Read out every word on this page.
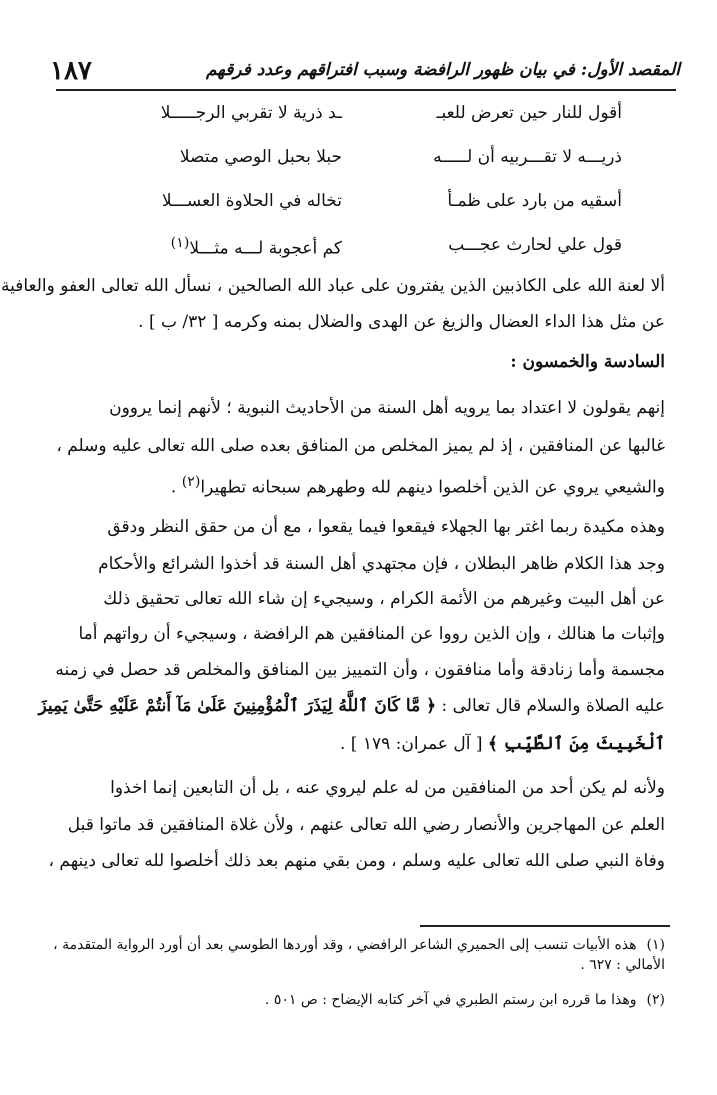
المقصد الأول: في بيان ظهور الرافضة وسبب افتراقهم وعدد فرقهم
١٨٧
أقول للنار حين تعرض للعبـ
ـد ذرية لا تقربي الرجـــــلا
ذريـــه لا تقـــربيه أن لـــــه
حبلا بحبل الوصي متصلا
أسقيه من بارد على ظمـأ
تخاله في الحلاوة العســـلا
قول علي لحارث عجـــب
كم أعجوبة لـــه مثـــلا$^{(١)}$
ألا لعنة الله على الكاذبين الذين يفترون على عباد الله الصالحين ، نسأل الله تعالى العفو والعافية
عن مثل هذا الداء العضال والزيغ عن الهدى والضلال بمنه وكرمه [ ٣٢/ ب ] .
السادسة والخمسون :
إنهم يقولون لا اعتداد بما يرويه أهل السنة من الأحاديث النبوية ؛ لأنهم إنما يروون
غالبها عن المنافقين ، إذ لم يميز المخلص من المنافق بعده صلى الله تعالى عليه وسلم ،
والشيعي يروي عن الذين أخلصوا دينهم لله وطهرهم سبحانه تطهيرا$^{(٢)}$ .
وهذه مكيدة ربما اغتر بها الجهلاء فيقعوا فيما يقعوا ، مع أن من حقق النظر ودقق
وجد هذا الكلام ظاهر البطلان ، فإن مجتهدي أهل السنة قد أخذوا الشرائع والأحكام
عن أهل البيت وغيرهم من الأئمة الكرام ، وسيجيء إن شاء الله تعالى تحقيق ذلك
وإثبات ما هنالك ، وإن الذين رووا عن المنافقين هم الرافضة ، وسيجيء أن رواتهم أما
مجسمة وأما زنادقة وأما منافقون ، وأن التمييز بين المنافق والمخلص قد حصل في زمنه
عليه الصلاة والسلام قال تعالى : ﴿ مَّا كَانَ ٱللَّهُ لِيَذَرَ ٱلْمُؤْمِنِينَ عَلَىٰ مَآ أَنتُمْ عَلَيْهِ حَتَّىٰ يَمِيزَ
ٱلْخَبِيثَ مِنَ ٱلطَّيِّبِ ﴾ [ آل عمران: ١٧٩ ] .
ولأنه لم يكن أحد من المنافقين من له علم ليروي عنه ، بل أن التابعين إنما اخذوا
العلم عن المهاجرين والأنصار رضي الله تعالى عنهم ، ولأن غلاة المنافقين قد ماتوا قبل
وفاة النبي صلى الله تعالى عليه وسلم ، ومن بقي منهم بعد ذلك أخلصوا لله تعالى دينهم ،
(١)هذه الأبيات تنسب إلى الحميري الشاعر الرافضي ، وقد أوردها الطوسي بعد أن أورد الرواية المتقدمة ، الأمالي : ٦٢٧ .
(٢)وهذا ما قرره ابن رستم الطبري في آخر كتابه الإيضاح : ص ٥٠١ .
